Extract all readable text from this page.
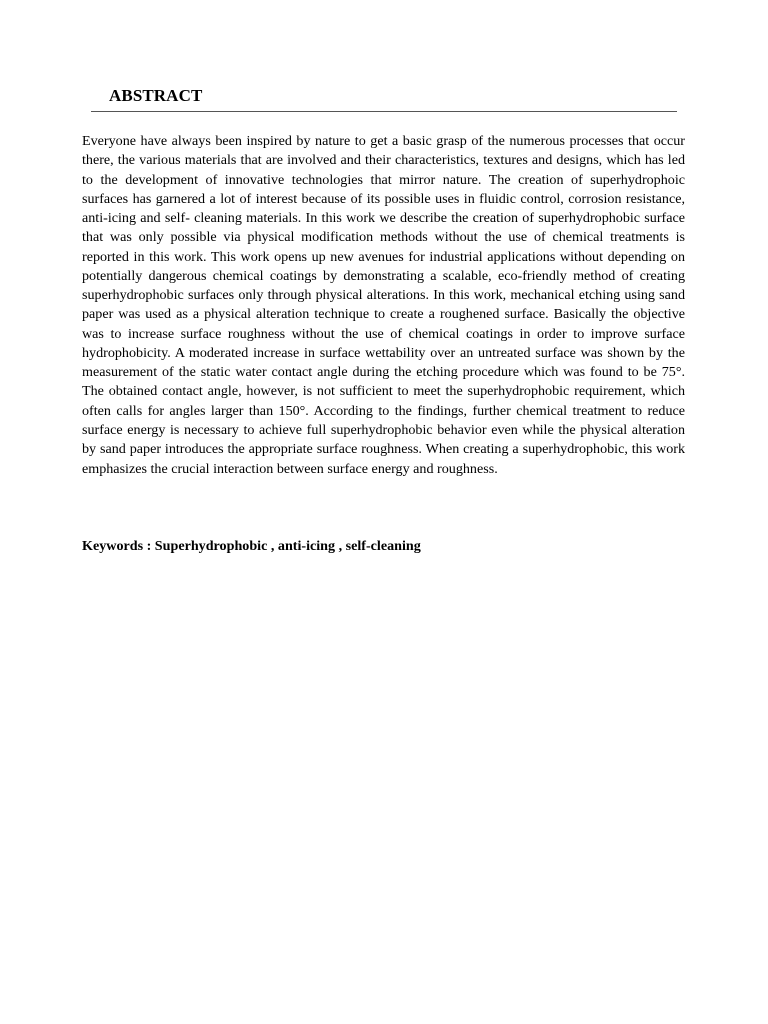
ABSTRACT

Everyone have always been inspired by nature to get a basic grasp of the numerous processes that occur there, the various materials that are involved and their characteristics, textures and designs, which has led to the development of innovative technologies that mirror nature. The creation of superhydrophoic surfaces has garnered a lot of interest because of its possible uses in fluidic control, corrosion resistance, anti-icing and self- cleaning materials. In this work we describe the creation of superhydrophobic surface that was only possible via physical modification methods without the use of chemical treatments is reported in this work. This work opens up new avenues for industrial applications without depending on potentially dangerous chemical coatings by demonstrating a scalable, eco-friendly method of creating superhydrophobic surfaces only through physical alterations. In this work, mechanical etching using sand paper was used as a physical alteration technique to create a roughened surface. Basically the objective was to increase surface roughness without the use of chemical coatings in order to improve surface hydrophobicity. A moderated increase in surface wettability over an untreated surface was shown by the measurement of the static water contact angle during the etching procedure which was found to be 75°. The obtained contact angle, however, is not sufficient to meet the superhydrophobic requirement, which often calls for angles larger than 150°. According to the findings, further chemical treatment to reduce surface energy is necessary to achieve full superhydrophobic behavior even while the physical alteration by sand paper introduces the appropriate surface roughness. When creating a superhydrophobic, this work emphasizes the crucial interaction between surface energy and roughness.

Keywords : Superhydrophobic , anti-icing , self-cleaning
